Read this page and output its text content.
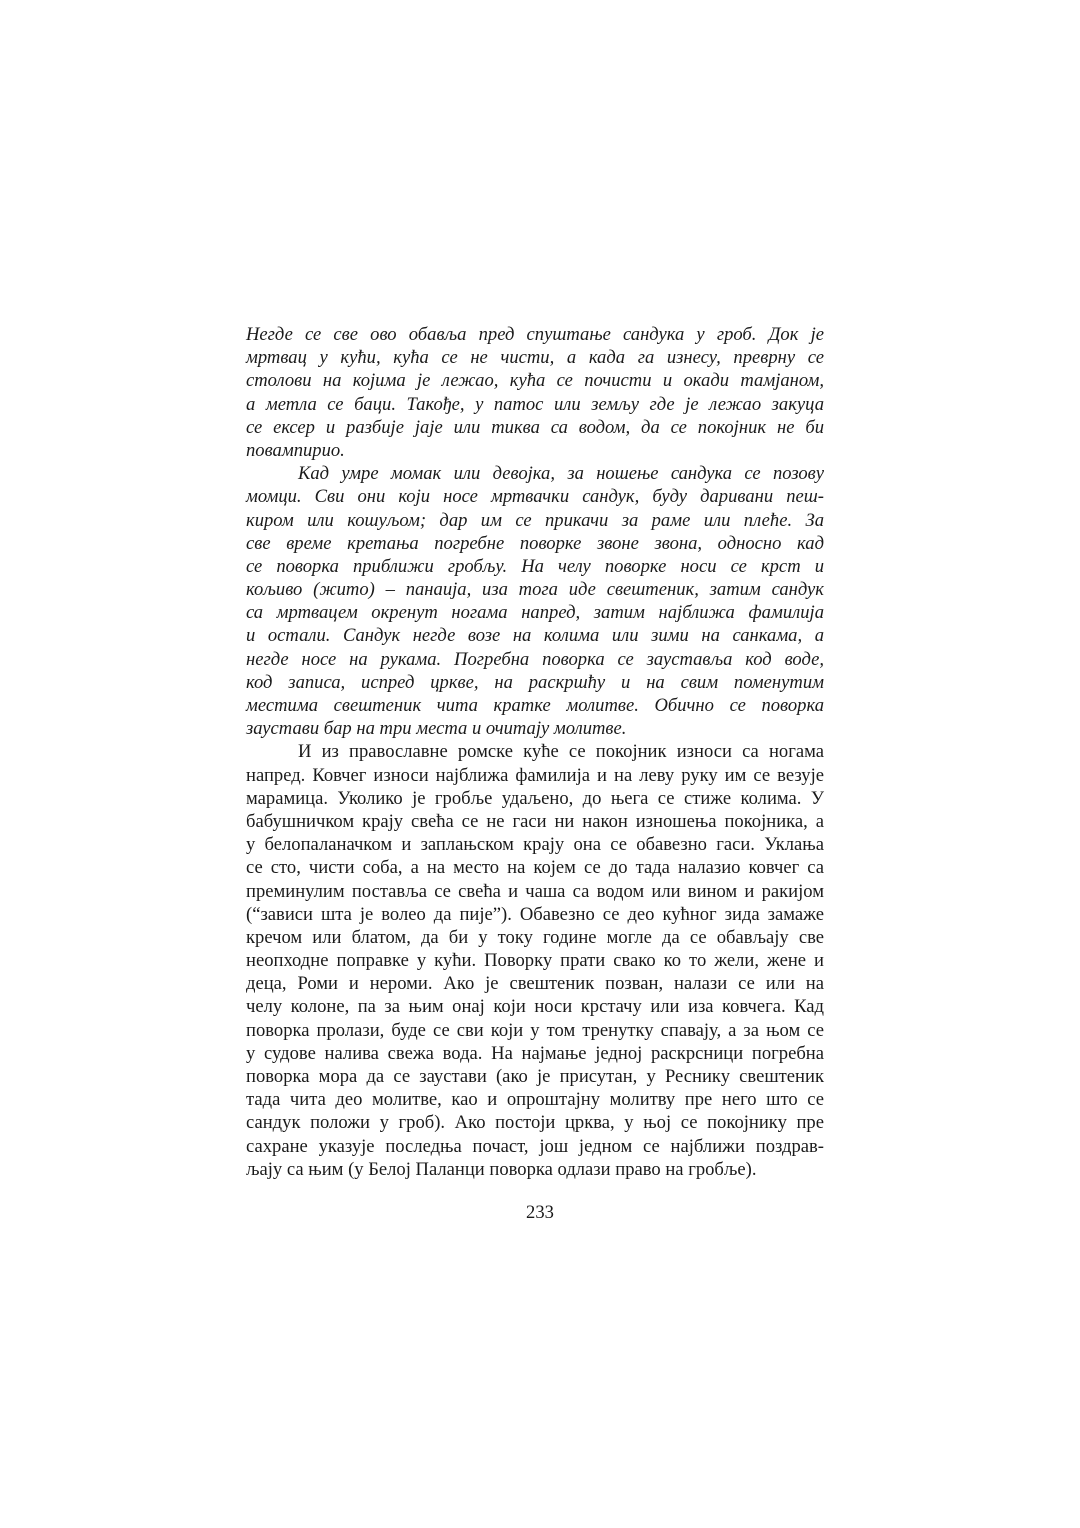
Негде се све ово обавља пред спуштање сандука у гроб. Док је
мртвац у кући, кућа се не чисти, а када га изнесу, преврну се
столови на којима је лежао, кућа се почисти и окади тамјаном,
а метла се баци. Такође, у патос или земљу где је лежао закуца
се ексер и разбије јаје или тиква са водом, да се покојник не би
повампирио.
Кад умре момак или девојка, за ношење сандука се позову
момци. Сви они који носе мртвачки сандук, буду даривани пеш-
киром или кошуљом; дар им се прикачи за раме или плеће. За
све време кретања погребне поворке звоне звона, односно кад
се поворка приближи гробљу. На челу поворке носи се крст и
кољиво (жито) – панаија, иза тога иде свештеник, затим сандук
са мртвацем окренут ногама напред, затим најближа фамилија
и остали. Сандук негде возе на колима или зими на санкама, а
негде носе на рукама. Погребна поворка се зауставља код воде,
код записа, испред цркве, на раскршћу и на свим поменутим
местима свештеник чита кратке молитве. Обично се поворка
заустави бар на три места и очитају молитве.
И из православне ромске куће се покојник износи са ногама
напред. Ковчег износи најближа фамилија и на леву руку им се везује
марамица. Уколико је гробље удаљено, до њега се стиже колима. У
бабушничком крају свећа се не гаси ни након изношења покојника, а
у белопаланачком и заплањском крају она се обавезно гаси. Уклања
се сто, чисти соба, а на место на којем се до тада налазио ковчег са
преминулим поставља се свећа и чаша са водом или вином и ракијом
(“зависи шта је волео да пије”). Обавезно се део кућног зида замаже
кречом или блатом, да би у току године могле да се обављају све
неопходне поправке у кући. Поворку прати свако ко то жели, жене и
деца, Роми и нероми. Ако је свештеник позван, налази се или на
челу колоне, па за њим онај који носи крстачу или иза ковчега. Кад
поворка пролази, буде се сви који у том тренутку спавају, а за њом се
у судове налива свежа вода. На најмање једној раскрсници погребна
поворка мора да се заустави (ако је присутан, у Реснику свештеник
тада чита део молитве, као и опроштајну молитву пре него што се
сандук положи у гроб). Ако постоји црква, у њој се покојнику пре
сахране указује последња почаст, још једном се најближи поздрав-
љају са њим (у Белој Паланци поворка одлази право на гробље).
233
